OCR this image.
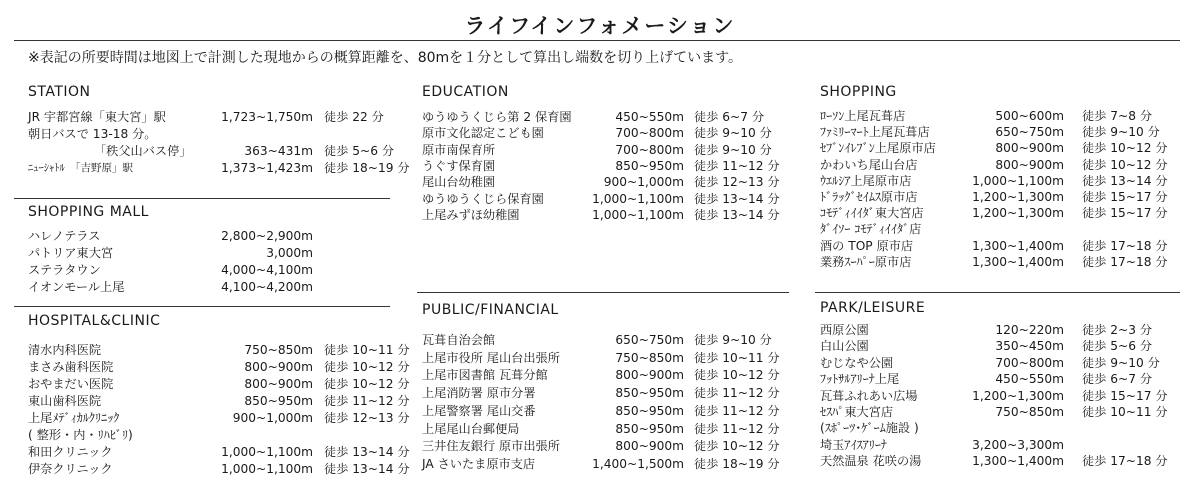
ライフインフォメーション
※表記の所要時間は地図上で計測した現地からの概算距離を、80mを１分として算出し端数を切り上げています。
STATION
JR 宇都宮線「東大宮」駅	1,723~1,750m 徒歩 22 分
朝日バスで 13-18 分。
「秩父山バス停」	363~431m 徒歩 5~6 分
ﾆｭｰｼｬﾄﾙ　「吉野原」駅	1,373~1,423m 徒歩 18~19 分
SHOPPING MALL
ハレノテラス	2,800~2,900m
パトリア東大宮	3,000m
ステラタウン	4,000~4,100m
イオンモール上尾	4,100~4,200m
HOSPITAL&CLINIC
清水内科医院	750~850m 徒歩 10~11 分
まさみ歯科医院	800~900m 徒歩 10~12 分
おやまだい医院	800~900m 徒歩 10~12 分
東山歯科医院	850~950m 徒歩 11~12 分
上尾ﾒﾃﾞｨｶﾙｸﾘﾆｯｸ	900~1,000m 徒歩 12~13 分
( 整形・内・ﾘﾊﾋﾞﾘ)
和田クリニック	1,000~1,100m 徒歩 13~14 分
伊奈クリニック	1,000~1,100m 徒歩 13~14 分
EDUCATION
ゆうゆうくじら第 2 保育園	450~550m 徒歩 6~7 分
原市文化認定こども園	700~800m 徒歩 9~10 分
原市南保育所	700~800m 徒歩 9~10 分
うぐす保育園	850~950m 徒歩 11~12 分
尾山台幼稚園	900~1,000m 徒歩 12~13 分
ゆうゆうくじら保育園	1,000~1,100m 徒歩 13~14 分
上尾みずほ幼稚園	1,000~1,100m 徒歩 13~14 分
PUBLIC/FINANCIAL
瓦葺自治会館	650~750m 徒歩 9~10 分
上尾市役所 尾山台出張所	750~850m 徒歩 10~11 分
上尾市図書館 瓦葺分館	800~900m 徒歩 10~12 分
上尾消防署 原市分署	850~950m 徒歩 11~12 分
上尾警察署 尾山交番	850~950m 徒歩 11~12 分
上尾尾山台郵便局	850~950m 徒歩 11~12 分
三井住友銀行 原市出張所	800~900m 徒歩 10~12 分
JA さいたま原市支店	1,400~1,500m 徒歩 18~19 分
SHOPPING
ﾛｰｿﾝ上尾瓦葺店	500~600m 徒歩 7~8 分
ﾌｧﾐﾘｰﾏｰﾄ上尾瓦葺店	650~750m 徒歩 9~10 分
ｾﾌﾞﾝｲﾚﾌﾞﾝ上尾原市店	800~900m 徒歩 10~12 分
かわいち尾山台店	800~900m 徒歩 10~12 分
ｳｴﾙｼｱ上尾原市店	1,000~1,100m 徒歩 13~14 分
ﾄﾞﾗｯｸﾞｾｲﾑｽ原市店	1,200~1,300m 徒歩 15~17 分
ｺﾓﾃﾞｨｲｲﾀﾞ東大宮店	1,200~1,300m 徒歩 15~17 分
ﾀﾞｲｿｰ ｺﾓﾃﾞｨｲｲﾀﾞ店
酒の TOP 原市店	1,300~1,400m 徒歩 17~18 分
業務ｽｰﾊﾟｰ原市店	1,300~1,400m 徒歩 17~18 分
PARK/LEISURE
西原公園	120~220m 徒歩 2~3 分
白山公園	350~450m 徒歩 5~6 分
むじなや公園	700~800m 徒歩 9~10 分
ﾌｯﾄｻﾙｱﾘｰﾅ上尾	450~550m 徒歩 6~7 分
瓦葺ふれあい広場	1,200~1,300m 徒歩 15~17 分
ｾｽﾊﾟ東大宮店	750~850m 徒歩 10~11 分
(ｽﾎﾟｰﾂ･ｹﾞｰﾑ施設 )
埼玉ｱｲｽｱﾘｰﾅ	3,200~3,300m
天然温泉 花咲の湯	1,300~1,400m 徒歩 17~18 分
